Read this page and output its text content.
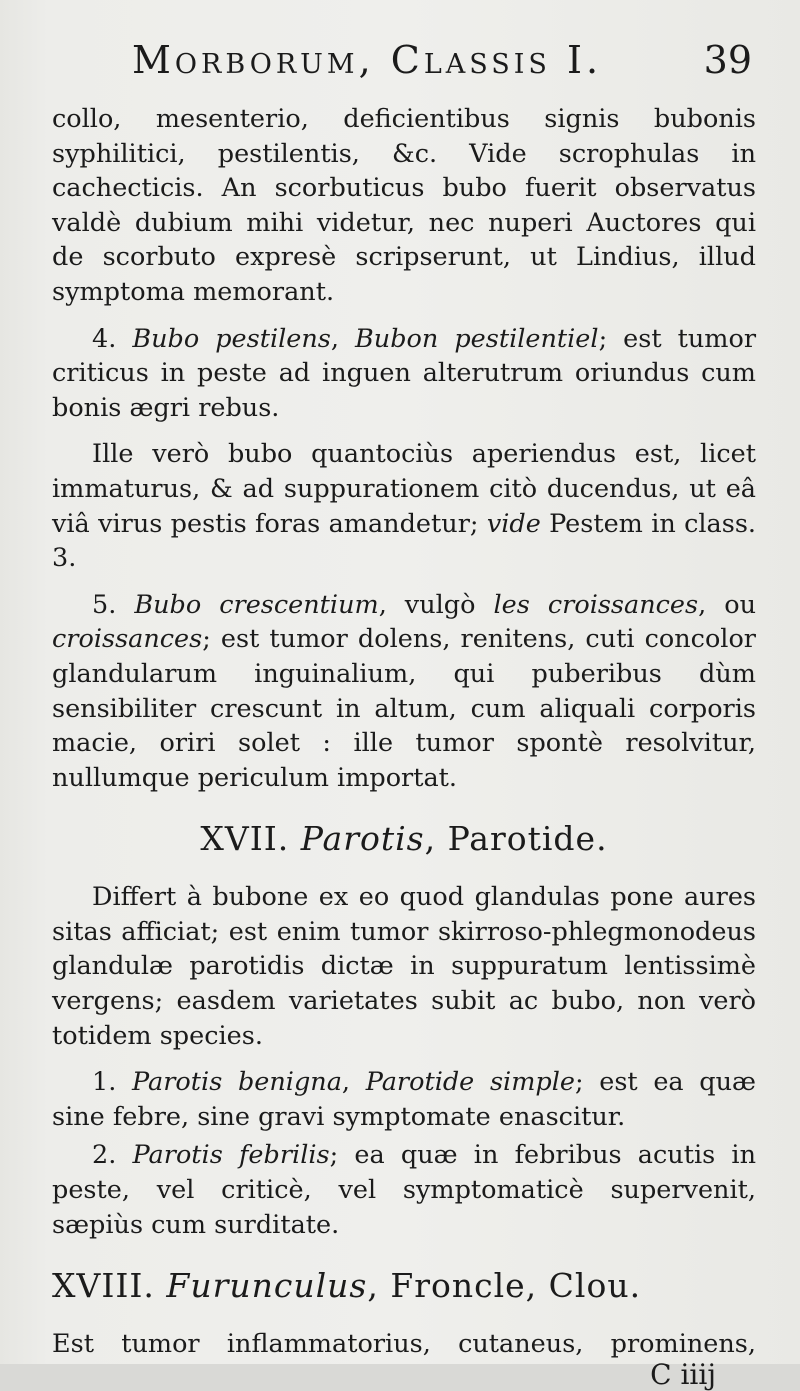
Morborum, Classis I.	39

collo, mesenterio, deficientibus signis bubonis syphilitici, pestilentis, &c. Vide scrophulas in cachecticis. An scorbuticus bubo fuerit observatus valdè dubium mihi videtur, nec nuperi Auctores qui de scorbuto expresè scripserunt, ut Lindius, illud symptoma memorant.

4. Bubo pestilens, Bubon pestilentiel; est tumor criticus in peste ad inguen alterutrum oriundus cum bonis ægri rebus.

Ille verò bubo quantociùs aperiendus est, licet immaturus, & ad suppurationem citò ducendus, ut eâ viâ virus pestis foras amandetur; vide Pestem in class. 3.

5. Bubo crescentium, vulgò les croissances, ou croissances; est tumor dolens, renitens, cuti concolor glandularum inguinalium, qui puberibus dùm sensibiliter crescunt in altum, cum aliquali corporis macie, oriri solet : ille tumor spontè resolvitur, nullumque periculum importat.

XVII. Parotis, Parotide.

Differt à bubone ex eo quod glandulas pone aures sitas afficiat; est enim tumor skirroso-phlegmonodeus glandulæ parotidis dictæ in suppuratum lentissimè vergens; easdem varietates subit ac bubo, non verò totidem species.

1. Parotis benigna, Parotide simple; est ea quæ sine febre, sine gravi symptomate enascitur.

2. Parotis febrilis; ea quæ in febribus acutis in peste, vel criticè, vel symptomaticè supervenit, sæpiùs cum surditate.

XVIII. Furunculus, Froncle, Clou.

Est tumor inflammatorius, cutaneus, prominens,

C iiij
